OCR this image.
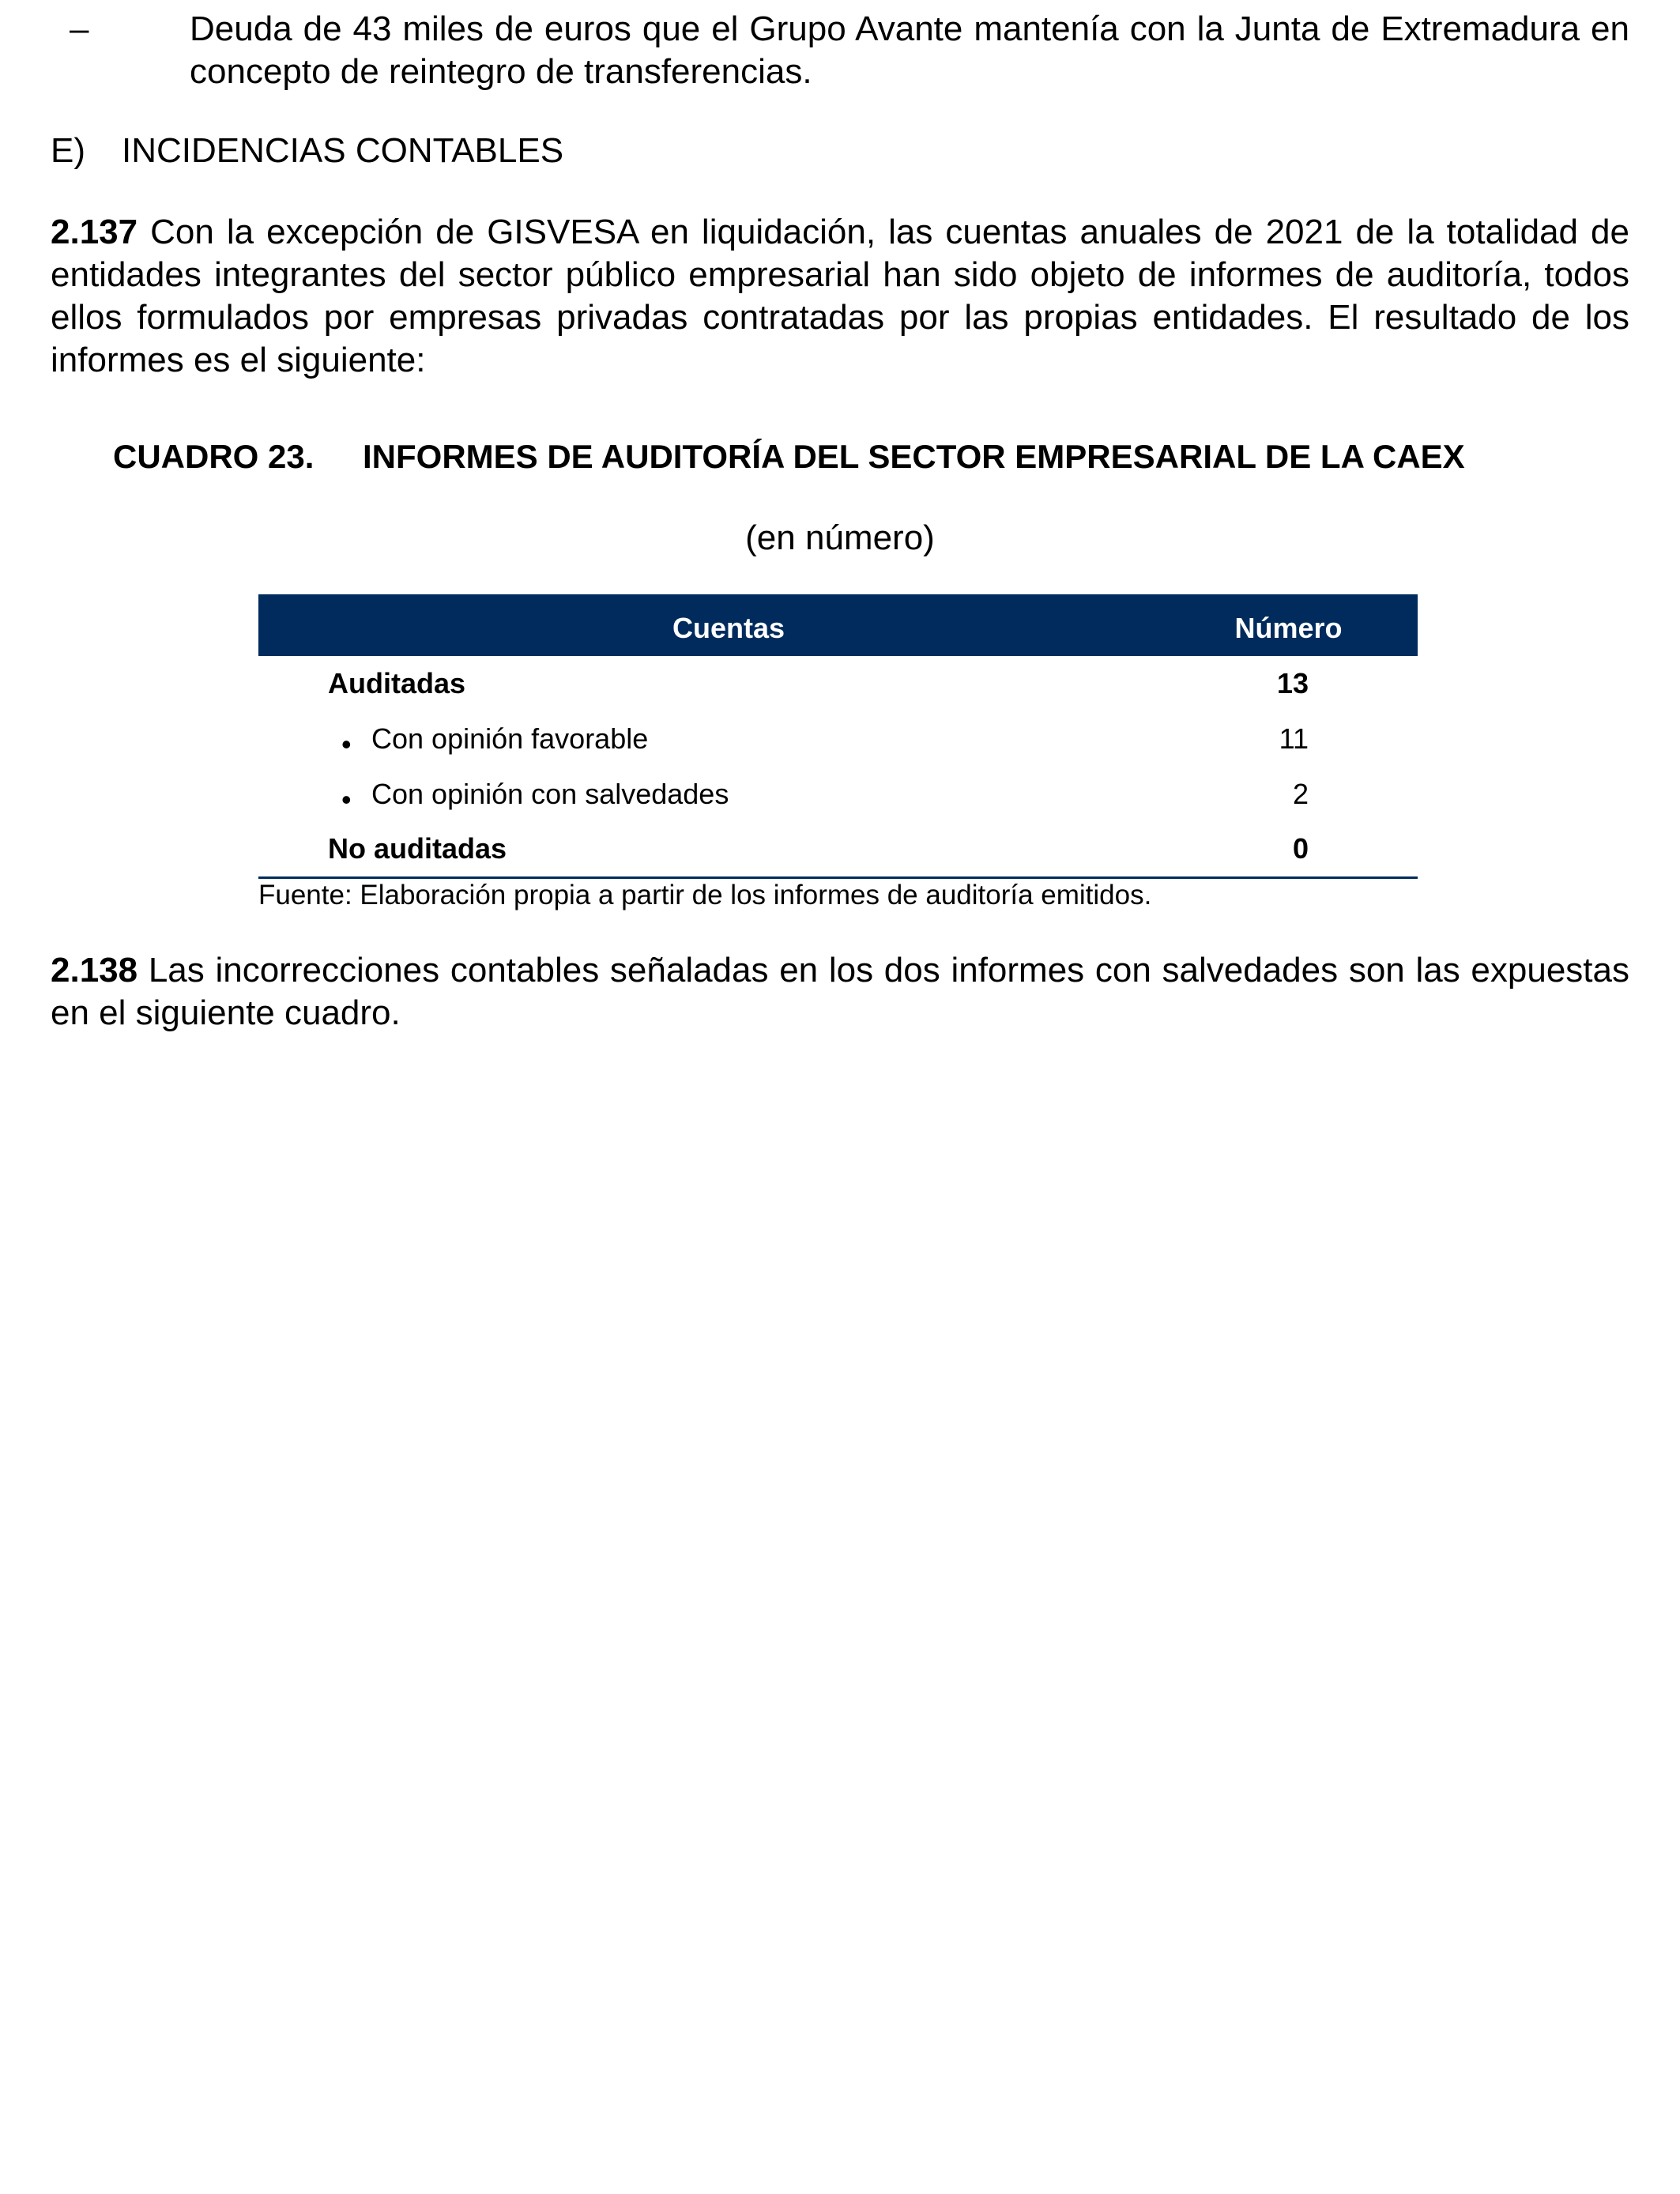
–	Deuda de 43 miles de euros que el Grupo Avante mantenía con la Junta de Extremadura en concepto de reintegro de transferencias.
E) INCIDENCIAS CONTABLES

2.137 Con la excepción de GISVESA en liquidación, las cuentas anuales de 2021 de la totalidad de entidades integrantes del sector público empresarial han sido objeto de informes de auditoría, todos ellos formulados por empresas privadas contratadas por las propias entidades. El resultado de los informes es el siguiente:

CUADRO 23. INFORMES DE AUDITORÍA DEL SECTOR EMPRESARIAL DE LA CAEX
(en número)
Cuentas	Número
Auditadas	13

• Con opinión favorable	11

• Con opinión con salvedades	2
No auditadas	0
Fuente: Elaboración propia a partir de los informes de auditoría emitidos.

2.138 Las incorrecciones contables señaladas en los dos informes con salvedades son las expuestas en el siguiente cuadro.
